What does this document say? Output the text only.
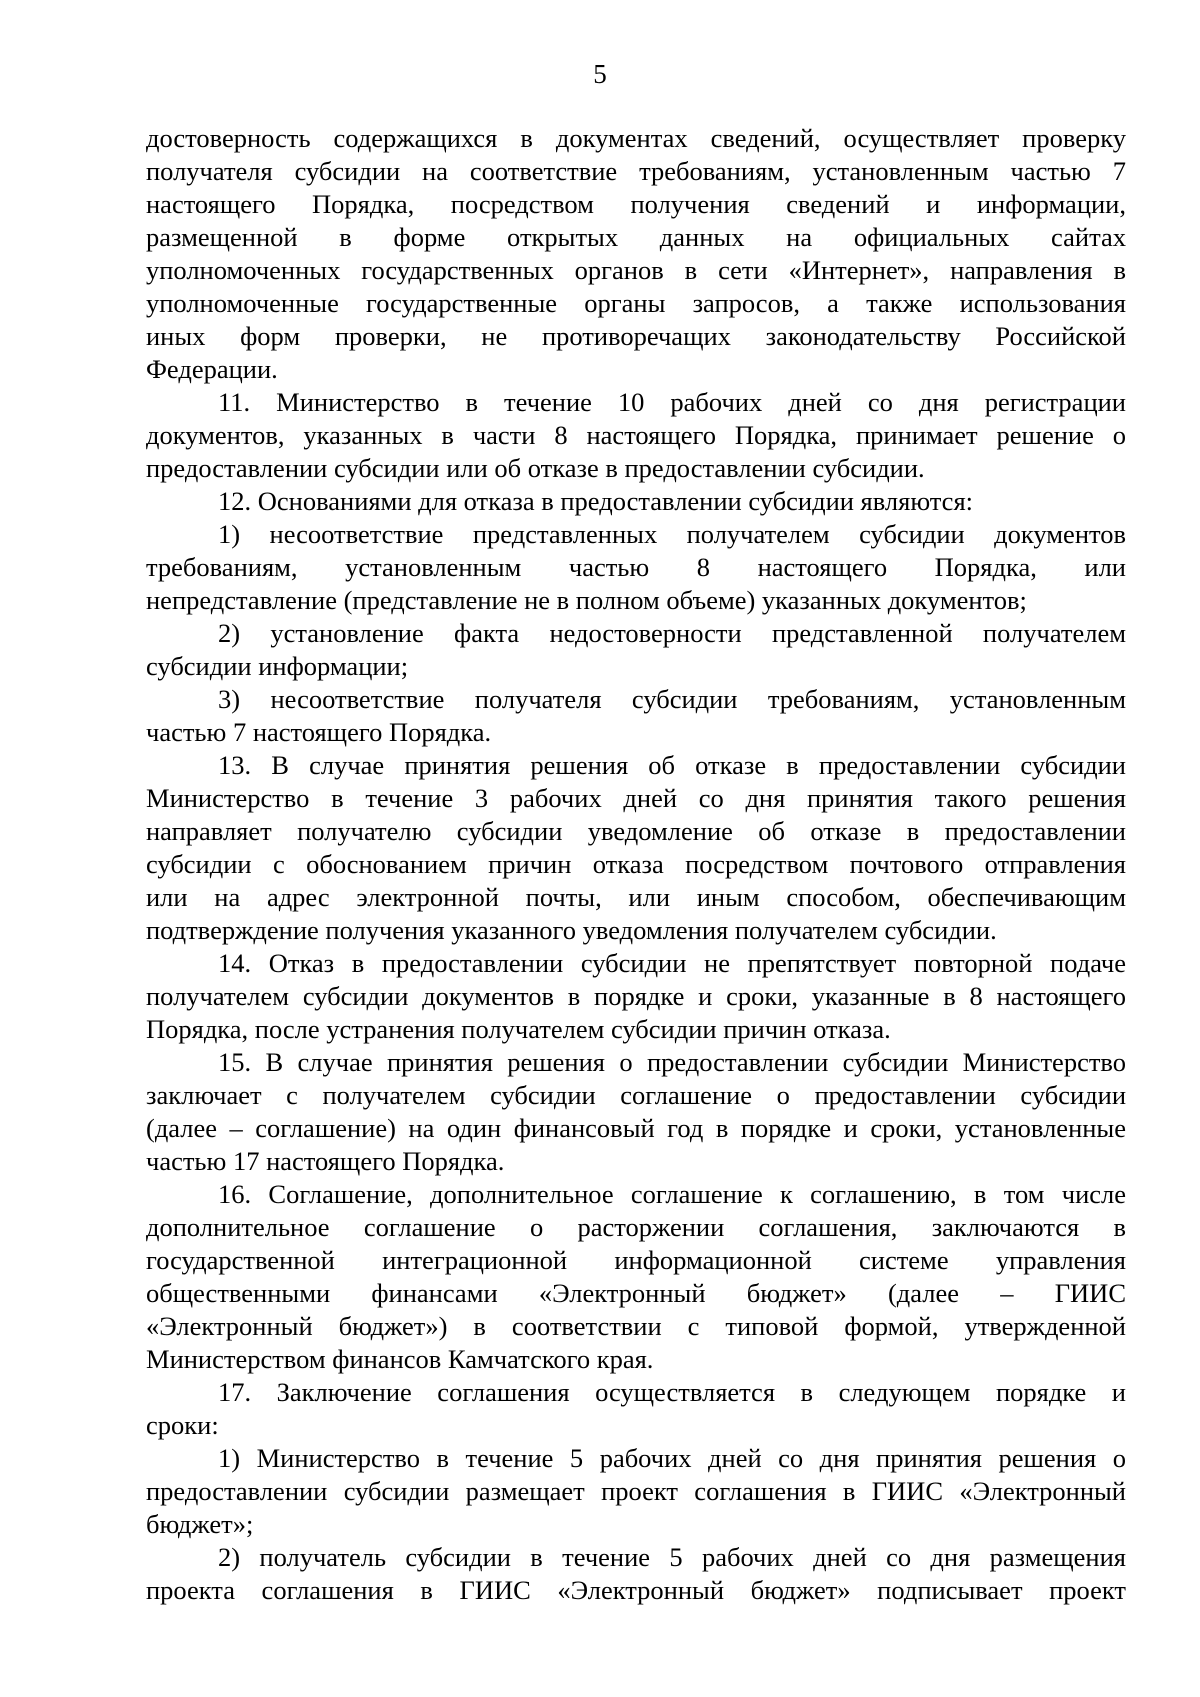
5
достоверность содержащихся в документах сведений, осуществляет проверку
получателя субсидии на соответствие требованиям, установленным частью 7
настоящего Порядка, посредством получения сведений и информации,
размещенной в форме открытых данных на официальных сайтах
уполномоченных государственных органов в сети «Интернет», направления в
уполномоченные государственные органы запросов, а также использования
иных форм проверки, не противоречащих законодательству Российской
Федерации.
11. Министерство в течение 10 рабочих дней со дня регистрации
документов, указанных в части 8 настоящего Порядка, принимает решение о
предоставлении субсидии или об отказе в предоставлении субсидии.
12. Основаниями для отказа в предоставлении субсидии являются:
1) несоответствие представленных получателем субсидии документов
требованиям, установленным частью 8 настоящего Порядка, или
непредставление (представление не в полном объеме) указанных документов;
2) установление факта недостоверности представленной получателем
субсидии информации;
3) несоответствие получателя субсидии требованиям, установленным
частью 7 настоящего Порядка.
13. В случае принятия решения об отказе в предоставлении субсидии
Министерство в течение 3 рабочих дней со дня принятия такого решения
направляет получателю субсидии уведомление об отказе в предоставлении
субсидии с обоснованием причин отказа посредством почтового отправления
или на адрес электронной почты, или иным способом, обеспечивающим
подтверждение получения указанного уведомления получателем субсидии.
14. Отказ в предоставлении субсидии не препятствует повторной подаче
получателем субсидии документов в порядке и сроки, указанные в 8 настоящего
Порядка, после устранения получателем субсидии причин отказа.
15. В случае принятия решения о предоставлении субсидии Министерство
заключает с получателем субсидии соглашение о предоставлении субсидии
(далее – соглашение) на один финансовый год в порядке и сроки, установленные
частью 17 настоящего Порядка.
16. Соглашение, дополнительное соглашение к соглашению, в том числе
дополнительное соглашение о расторжении соглашения, заключаются в
государственной интеграционной информационной системе управления
общественными финансами «Электронный бюджет» (далее – ГИИС
«Электронный бюджет») в соответствии с типовой формой, утвержденной
Министерством финансов Камчатского края.
17. Заключение соглашения осуществляется в следующем порядке и
сроки:
1) Министерство в течение 5 рабочих дней со дня принятия решения о
предоставлении субсидии размещает проект соглашения в ГИИС «Электронный
бюджет»;
2) получатель субсидии в течение 5 рабочих дней со дня размещения
проекта соглашения в ГИИС «Электронный бюджет» подписывает проект
